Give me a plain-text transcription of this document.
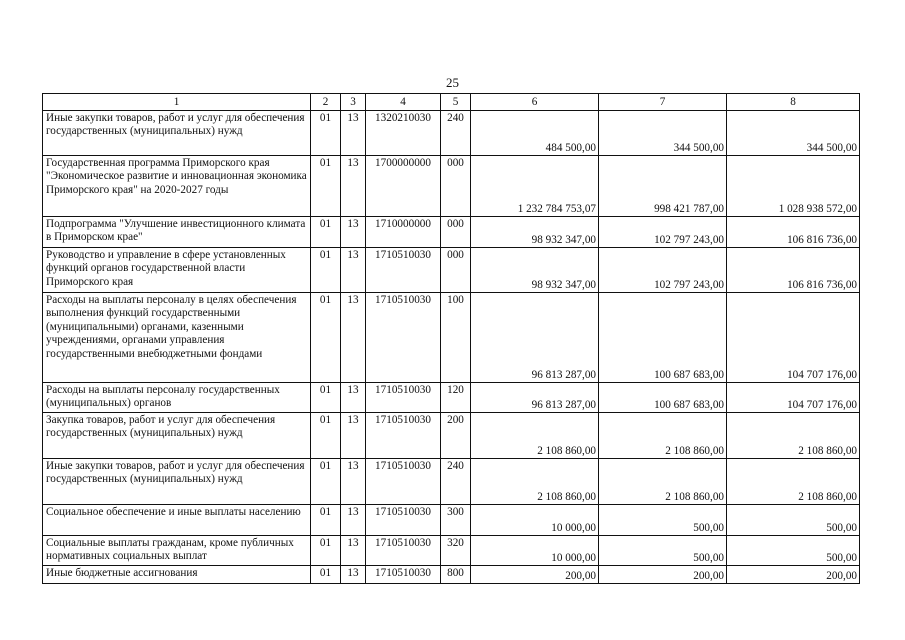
25
1	2	3	4	5	6	7	8
Иные закупки товаров, работ и услуг для обеспечения государственных (муниципальных) нужд	01	13	1320210030	240	484 500,00	344 500,00	344 500,00
Государственная программа Приморского края "Экономическое развитие и инновационная экономика Приморского края" на 2020-2027 годы	01	13	1700000000	000	1 232 784 753,07	998 421 787,00	1 028 938 572,00
Подпрограмма "Улучшение инвестиционного климата в Приморском крае"	01	13	1710000000	000	98 932 347,00	102 797 243,00	106 816 736,00
Руководство и управление в сфере установленных функций органов государственной власти Приморского края	01	13	1710510030	000	98 932 347,00	102 797 243,00	106 816 736,00
Расходы на выплаты персоналу в целях обеспечения выполнения функций государственными (муниципальными) органами, казенными учреждениями, органами управления государственными внебюджетными фондами	01	13	1710510030	100	96 813 287,00	100 687 683,00	104 707 176,00
Расходы на выплаты персоналу государственных (муниципальных) органов	01	13	1710510030	120	96 813 287,00	100 687 683,00	104 707 176,00
Закупка товаров, работ и услуг для обеспечения государственных (муниципальных) нужд	01	13	1710510030	200	2 108 860,00	2 108 860,00	2 108 860,00
Иные закупки товаров, работ и услуг для обеспечения государственных (муниципальных) нужд	01	13	1710510030	240	2 108 860,00	2 108 860,00	2 108 860,00
Социальное обеспечение и иные выплаты населению	01	13	1710510030	300	10 000,00	500,00	500,00
Социальные выплаты гражданам, кроме публичных нормативных социальных выплат	01	13	1710510030	320	10 000,00	500,00	500,00
Иные бюджетные ассигнования	01	13	1710510030	800	200,00	200,00	200,00
